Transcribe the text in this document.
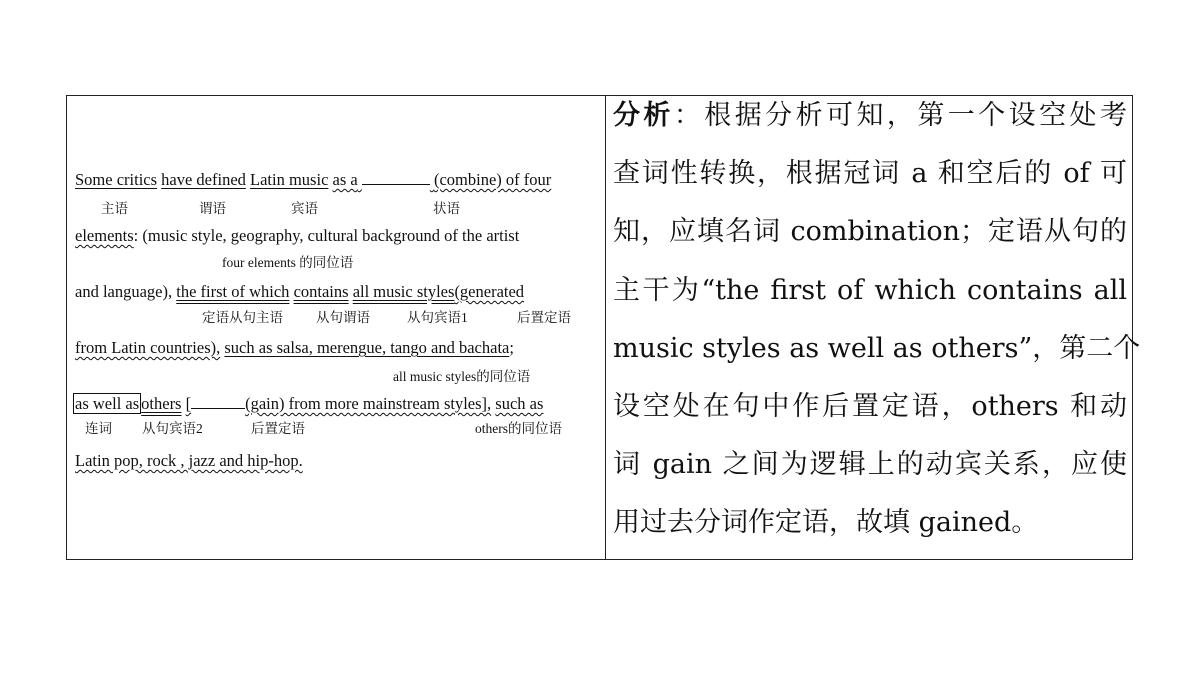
Some critics have defined Latin music as a	(combine) of four
主语	谓语	宾语	状语
elements: (music style, geography, cultural background of the artist
four elements 的同位语
and language), the first of which contains all music styles(generated
定语从句主语 从句谓语	从句宾语1	后置定语
from Latin countries), such as salsa, merengue, tango and bachata;
all music styles的同位语
as well as others [	(gain) from more mainstream styles], such as
连词 从句宾语2	后置定语	others的同位语
Latin pop, rock , jazz and hip-hop.
分析：根据分析可知，第一个设空处考
查词性转换，根据冠词 a 和空后的 of 可
知，应填名词 combination；定语从句的
主干为“the first of which contains all
music styles as well as others”，第二个
设空处在句中作后置定语，others 和动
词 gain 之间为逻辑上的动宾关系，应使
用过去分词作定语，故填 gained。
